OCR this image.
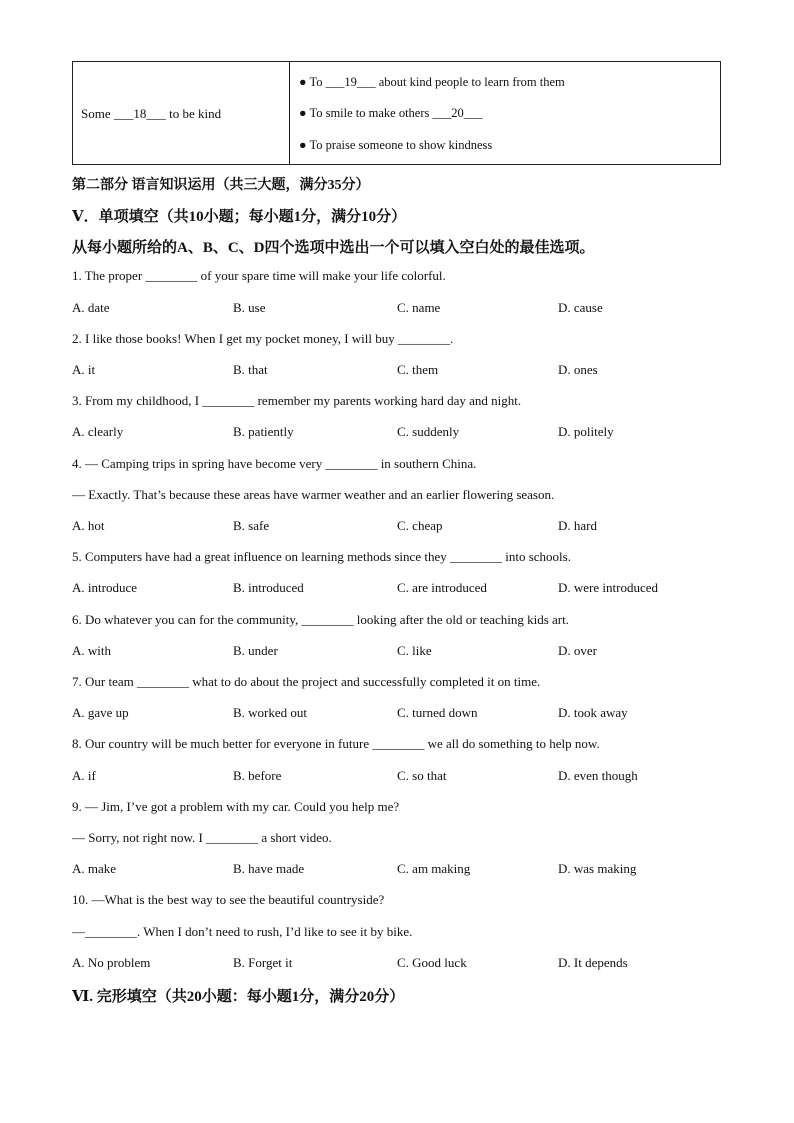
Some ___18___ to be kind
● To ___19___ about kind people to learn from them
● To smile to make others ___20___
● To praise someone to show kindness
第二部分 语言知识运用（共三大题，满分35分）
Ⅴ．单项填空（共10小题；每小题1分，满分10分）
从每小题所给的A、B、C、D四个选项中选出一个可以填入空白处的最佳选项。
1. The proper ________ of your spare time will make your life colorful.
A. date	B. use	C. name	D. cause
2. I like those books! When I get my pocket money, I will buy ________.
A. it	B. that	C. them	D. ones
3. From my childhood, I ________ remember my parents working hard day and night.
A. clearly	B. patiently	C. suddenly	D. politely
4. — Camping trips in spring have become very ________ in southern China.
— Exactly. That’s because these areas have warmer weather and an earlier flowering season.
A. hot	B. safe	C. cheap	D. hard
5. Computers have had a great influence on learning methods since they ________ into schools.
A. introduce	B. introduced	C. are introduced	D. were introduced
6. Do whatever you can for the community, ________ looking after the old or teaching kids art.
A. with	B. under	C. like	D. over
7. Our team ________ what to do about the project and successfully completed it on time.
A. gave up	B. worked out	C. turned down	D. took away
8. Our country will be much better for everyone in future ________ we all do something to help now.
A. if	B. before	C. so that	D. even though
9. — Jim, I’ve got a problem with my car. Could you help me?
— Sorry, not right now. I ________ a short video.
A. make	B. have made	C. am making	D. was making
10. —What is the best way to see the beautiful countryside?
—________. When I don’t need to rush, I’d like to see it by bike.
A. No problem	B. Forget it	C. Good luck	D. It depends
Ⅵ. 完形填空（共20小题：每小题1分，满分20分）
